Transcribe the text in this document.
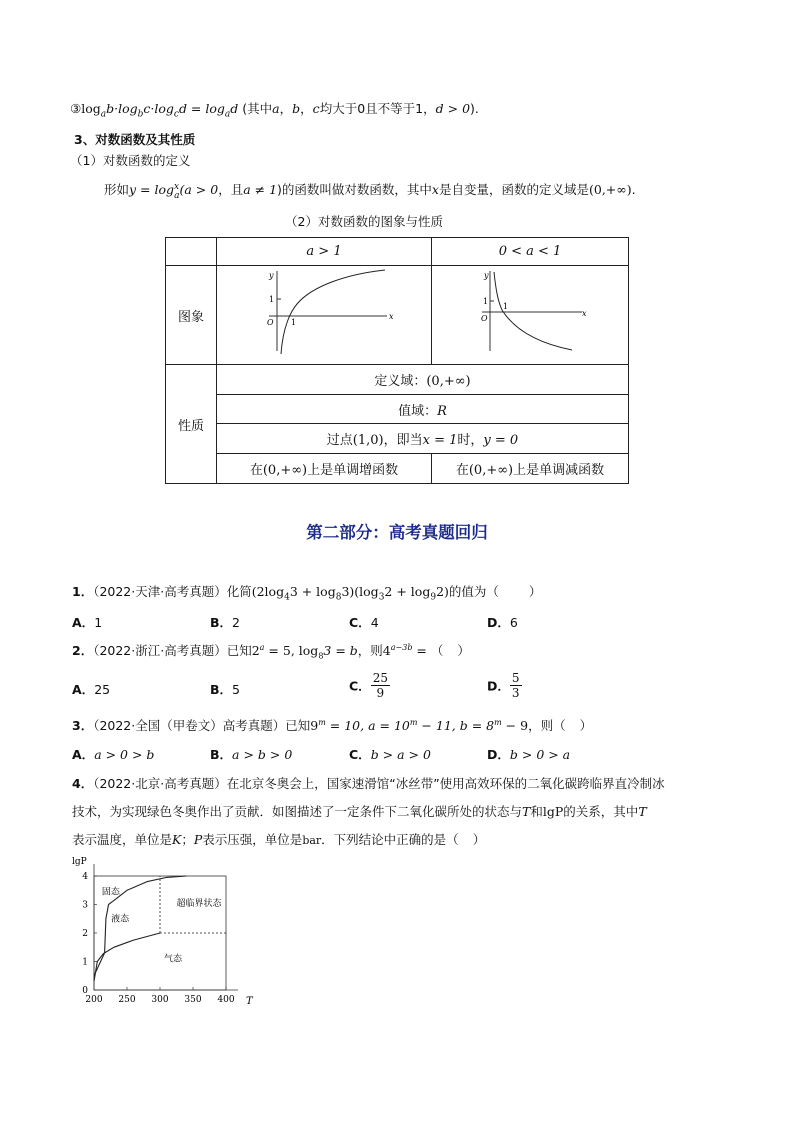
$③\log_ab\cdot\log_bc\cdot\log_cd = \log_ad$ (其中a，b，c均大于0且不等于1，d > 0).
3、对数函数及其性质
（1）对数函数的定义
形如$y = \log^x_a(a > 0$，且a ≠ 1)的函数叫做对数函数，其中x是自变量，函数的定义域是(0,+∞).
（2）对数函数的图象与性质
	a > 1	0 < a < 1
图象	y
x
O 1
1	y
x
O
1
1

性质	定义域：(0,+∞)	
	值域：R	
	过点(1,0)，即当x = 1时，y = 0	
	在(0,+∞)上是单调增函数	在(0,+∞)上是单调减函数
第二部分：高考真题回归
1．（2022·天津·高考真题）化简$(2\log_43 + \log_83)(\log_32 + \log_92)$的值为（ ）
A．1	B．2	C．4	D．6
2．（2022·浙江·高考真题）已知$2^a = 5$, $\log_83 = b$，则$4^{a-3b}$ = （ ）
A．25	B．5	C． $\frac{25}{9}$	D． $\frac{5}{3}$
3．（2022·全国（甲卷文）高考真题）已知$9^m = 10$, $a = 10^m - 11$, $b = 8^m - 9$，则（ ）
A．a > 0 > b	B．a > b > 0	C．b > a > 0	D．b > 0 > a
4．（2022·北京·高考真题）在北京冬奥会上，国家速滑馆“冰丝带”使用高效环保的二氧化碳跨临界直冷制冰
技术，为实现绿色冬奥作出了贡献．如图描述了一定条件下二氧化碳所处的状态与T和lgP的关系，其中T
表示温度，单位是K；P表示压强，单位是bar．下列结论中正确的是（ ）
200 250 300 350 400
0
1
2
3
4
T
lgP
固态
液态
超临界状态
气态
